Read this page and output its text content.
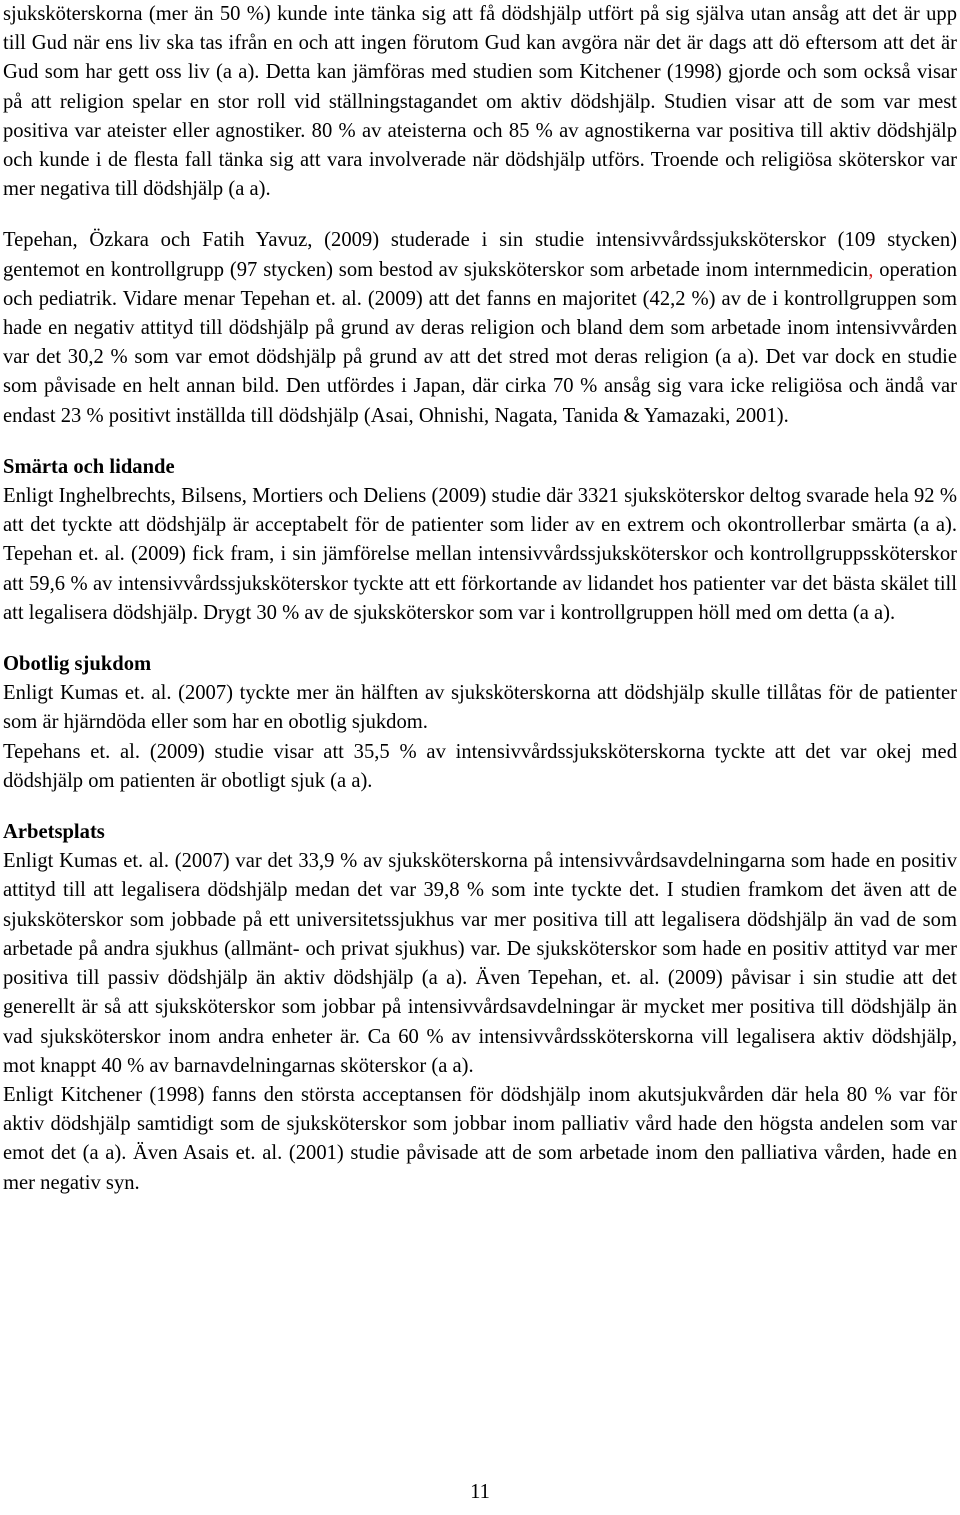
sjuksköterskorna (mer än 50 %) kunde inte tänka sig att få dödshjälp utfört på sig själva utan ansåg att det är upp till Gud när ens liv ska tas ifrån en och att ingen förutom Gud kan avgöra när det är dags att dö eftersom att det är Gud som har gett oss liv (a a). Detta kan jämföras med studien som Kitchener (1998) gjorde och som också visar på att religion spelar en stor roll vid ställningstagandet om aktiv dödshjälp. Studien visar att de som var mest positiva var ateister eller agnostiker. 80 % av ateisterna och 85 % av agnostikerna var positiva till aktiv dödshjälp och kunde i de flesta fall tänka sig att vara involverade när dödshjälp utförs. Troende och religiösa sköterskor var mer negativa till dödshjälp (a a).

Tepehan, Özkara och Fatih Yavuz, (2009) studerade i sin studie intensivvårdssjuksköterskor (109 stycken) gentemot en kontrollgrupp (97 stycken) som bestod av sjuksköterskor som arbetade inom internmedicin, operation och pediatrik. Vidare menar Tepehan et. al. (2009) att det fanns en majoritet (42,2 %) av de i kontrollgruppen som hade en negativ attityd till dödshjälp på grund av deras religion och bland dem som arbetade inom intensivvården var det 30,2 % som var emot dödshjälp på grund av att det stred mot deras religion (a a). Det var dock en studie som påvisade en helt annan bild. Den utfördes i Japan, där cirka 70 % ansåg sig vara icke religiösa och ändå var endast 23 % positivt inställda till dödshjälp (Asai, Ohnishi, Nagata, Tanida & Yamazaki, 2001).

Smärta och lidande

Enligt Inghelbrechts, Bilsens, Mortiers och Deliens (2009) studie där 3321 sjuksköterskor deltog svarade hela 92 % att det tyckte att dödshjälp är acceptabelt för de patienter som lider av en extrem och okontrollerbar smärta (a a). Tepehan et. al. (2009) fick fram, i sin jämförelse mellan intensivvårdssjuksköterskor och kontrollgruppssköterskor att 59,6 % av intensivvårdssjuksköterskor tyckte att ett förkortande av lidandet hos patienter var det bästa skälet till att legalisera dödshjälp. Drygt 30 % av de sjuksköterskor som var i kontrollgruppen höll med om detta (a a).

Obotlig sjukdom

Enligt Kumas et. al. (2007) tyckte mer än hälften av sjuksköterskorna att dödshjälp skulle tillåtas för de patienter som är hjärndöda eller som har en obotlig sjukdom.

Tepehans et. al. (2009) studie visar att 35,5 % av intensivvårdssjuksköterskorna tyckte att det var okej med dödshjälp om patienten är obotligt sjuk (a a).

Arbetsplats

Enligt Kumas et. al. (2007) var det 33,9 % av sjuksköterskorna på intensivvårdsavdelningarna som hade en positiv attityd till att legalisera dödshjälp medan det var 39,8 % som inte tyckte det. I studien framkom det även att de sjuksköterskor som jobbade på ett universitetssjukhus var mer positiva till att legalisera dödshjälp än vad de som arbetade på andra sjukhus (allmänt- och privat sjukhus) var. De sjuksköterskor som hade en positiv attityd var mer positiva till passiv dödshjälp än aktiv dödshjälp (a a). Även Tepehan, et. al. (2009) påvisar i sin studie att det generellt är så att sjuksköterskor som jobbar på intensivvårdsavdelningar är mycket mer positiva till dödshjälp än vad sjuksköterskor inom andra enheter är. Ca 60 % av intensivvårdssköterskorna vill legalisera aktiv dödshjälp, mot knappt 40 % av barnavdelningarnas sköterskor (a a).

Enligt Kitchener (1998) fanns den största acceptansen för dödshjälp inom akutsjukvården där hela 80 % var för aktiv dödshjälp samtidigt som de sjuksköterskor som jobbar inom palliativ vård hade den högsta andelen som var emot det (a a). Även Asais et. al. (2001) studie påvisade att de som arbetade inom den palliativa vården, hade en mer negativ syn.

11
